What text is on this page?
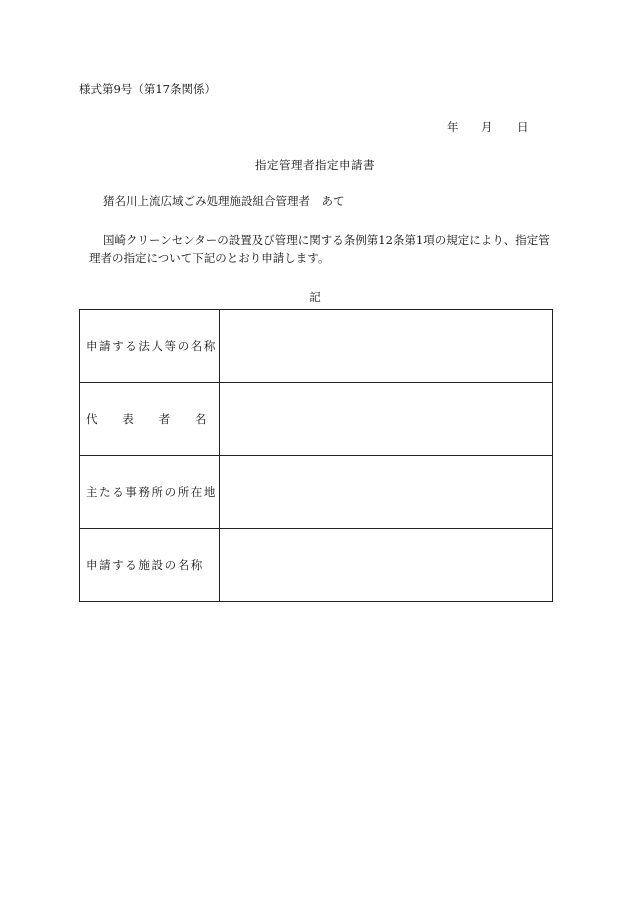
様式第9号（第17条関係）
年 月 日
指定管理者指定申請書
猪名川上流広域ごみ処理施設組合管理者　あて
国崎クリーンセンターの設置及び管理に関する条例第12条第1項の規定により、指定管理者の指定について下記のとおり申請します。
記
申請する法人等の名称	

代 表 者 名	

主たる事務所の所在地	
申請する施設の名称	
